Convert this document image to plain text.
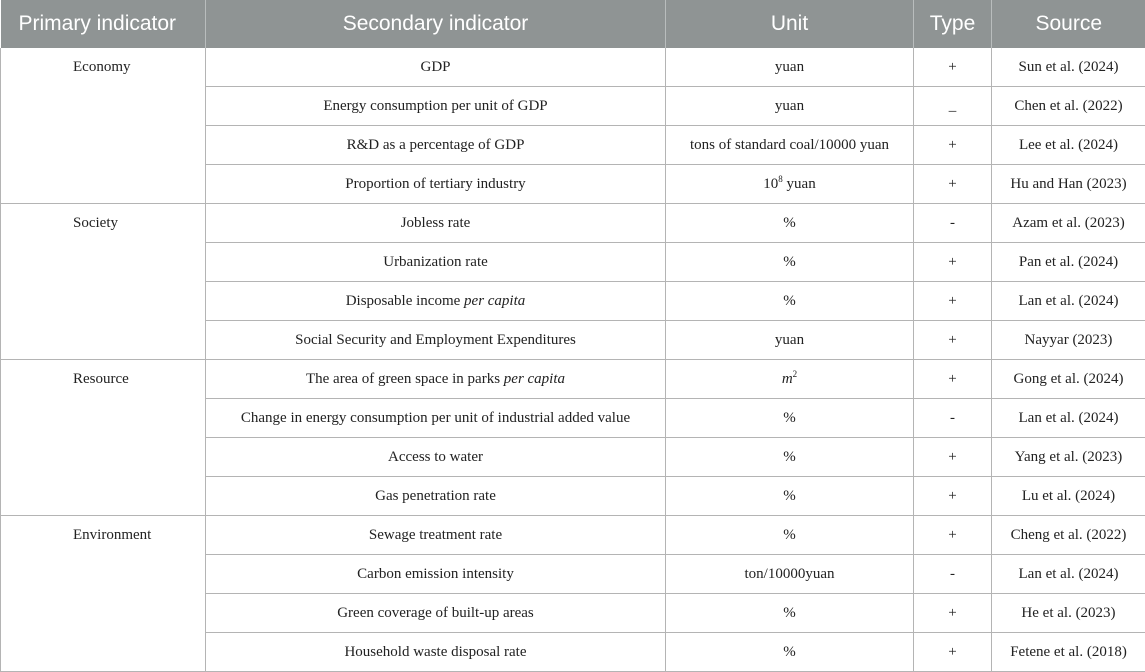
Primary indicator	Secondary indicator	Unit	Type	Source
Economy	GDP	yuan	+	Sun et al. (2024)
	Energy consumption per unit of GDP	yuan	_	Chen et al. (2022)
	R&D as a percentage of GDP	tons of standard coal/10000 yuan	+	Lee et al. (2024)
	Proportion of tertiary industry	$10^8$ yuan	+	Hu and Han (2023)
Society	Jobless rate	%	-	Azam et al. (2023)
	Urbanization rate	%	+	Pan et al. (2024)
	Disposable income per capita	%	+	Lan et al. (2024)
	Social Security and Employment Expenditures	yuan	+	Nayyar (2023)
Resource	The area of green space in parks per capita	$m^2$	+	Gong et al. (2024)
	Change in energy consumption per unit of industrial added value	%	-	Lan et al. (2024)
	Access to water	%	+	Yang et al. (2023)
	Gas penetration rate	%	+	Lu et al. (2024)
Environment	Sewage treatment rate	%	+	Cheng et al. (2022)
	Carbon emission intensity	ton/10000yuan	-	Lan et al. (2024)
	Green coverage of built-up areas	%	+	He et al. (2023)
	Household waste disposal rate	%	+	Fetene et al. (2018)
